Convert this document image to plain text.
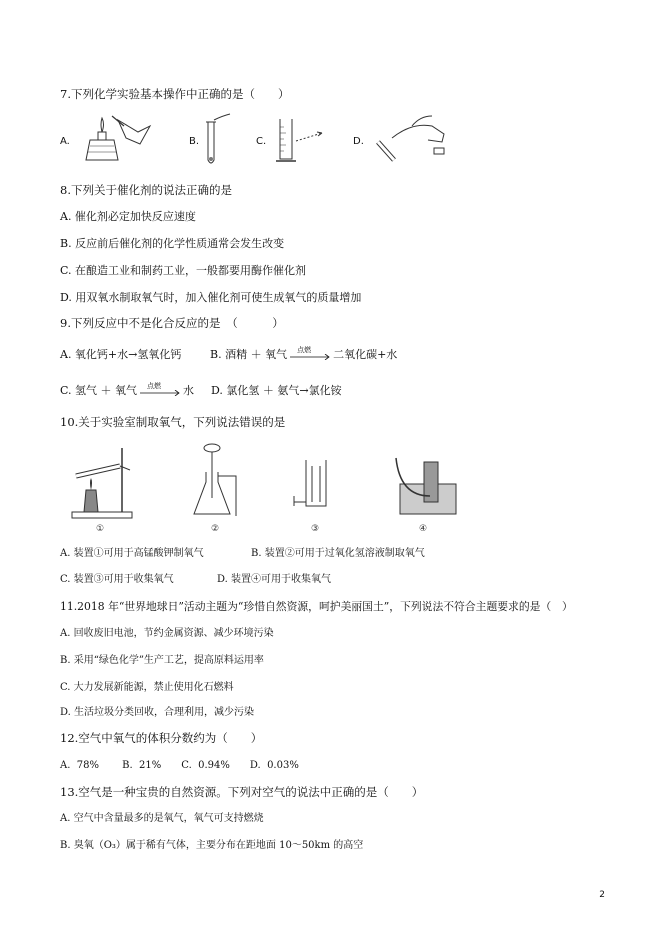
7.下列化学实验基本操作中正确的是（　　）
A.	B.	C.	D.
8.下列关于催化剂的说法正确的是
A. 催化剂必定加快反应速度
B. 反应前后催化剂的化学性质通常会发生改变
C. 在酿造工业和制药工业，一般都要用酶作催化剂
D. 用双氧水制取氧气时，加入催化剂可使生成氧气的质量增加
9.下列反应中不是化合反应的是　（　　　）
A. 氧化钙+水→氢氧化钙	B. 酒精 ＋ 氧气 点燃 二氧化碳+水
C. 氢气 ＋ 氧气 点燃 水 D. 氯化氢 ＋ 氨气→氯化铵
10.关于实验室制取氧气，下列说法错误的是
①	②	③	④
A. 装置①可用于高锰酸钾制氧气	B. 装置②可用于过氧化氢溶液制取氧气
C. 装置③可用于收集氧气	D. 装置④可用于收集氧气
11.2018 年“世界地球日”活动主题为“珍惜自然资源，呵护美丽国土”，下列说法不符合主题要求的是（　）
A. 回收废旧电池，节约金属资源、减少环境污染
B. 采用“绿色化学”生产工艺，提高原料运用率
C. 大力发展新能源，禁止使用化石燃料
D. 生活垃圾分类回收，合理利用，减少污染
12.空气中氧气的体积分数约为（　　）
A.  78%　　 B.  21%　　C.  0.94%　　D.  0.03%
13.空气是一种宝贵的自然资源。下列对空气的说法中正确的是（　　）
A. 空气中含量最多的是氧气，氧气可支持燃烧
B. 臭氧（O₃）属于稀有气体，主要分布在距地面 10～50km 的高空
2
